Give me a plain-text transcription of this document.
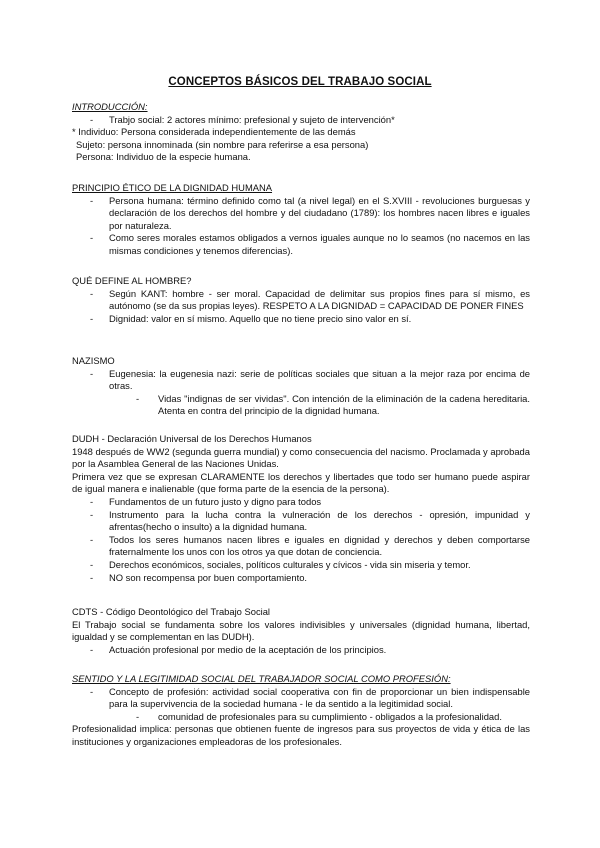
CONCEPTOS BÁSICOS DEL TRABAJO SOCIAL
INTRODUCCIÓN:
- Trabjo social: 2 actores mínimo: prefesional y sujeto de intervención*
* Individuo: Persona considerada independientemente de las demás
Sujeto: persona innominada (sin nombre para referirse a esa persona)
Persona: Individuo de la especie humana.
PRINCIPIO ÉTICO DE LA DIGNIDAD HUMANA
- Persona humana: término definido como tal (a nivel legal) en el S.XVIII - revoluciones burguesas y declaración de los derechos del hombre y del ciudadano (1789): los hombres nacen libres e iguales por naturaleza.
- Como seres morales estamos obligados a vernos iguales aunque no lo seamos (no nacemos en las mismas condiciones y tenemos diferencias).
QUÉ DEFINE AL HOMBRE?
- Según KANT: hombre - ser moral. Capacidad de delimitar sus propios fines para sí mismo, es autónomo (se da sus propias leyes). RESPETO A LA DIGNIDAD = CAPACIDAD DE PONER FINES
- Dignidad: valor en sí mismo. Aquello que no tiene precio sino valor en sí.
NAZISMO
- Eugenesia: la eugenesia nazi: serie de políticas sociales que situan a la mejor raza por encima de otras.
- Vidas "indignas de ser vividas". Con intención de la eliminación de la cadena hereditaria. Atenta en contra del principio de la dignidad humana.
DUDH - Declaración Universal de los Derechos Humanos
1948 después de WW2 (segunda guerra mundial) y como consecuencia del nacismo. Proclamada y aprobada por la Asamblea General de las Naciones Unidas.
Primera vez que se expresan CLARAMENTE los derechos y libertades que todo ser humano puede aspirar de igual manera e inalienable (que forma parte de la esencia de la persona).
- Fundamentos de un futuro justo y digno para todos
- Instrumento para la lucha contra la vulneración de los derechos - opresión, impunidad y afrentas(hecho o insulto) a la dignidad humana.
- Todos los seres humanos nacen libres e iguales en dignidad y derechos y deben comportarse fraternalmente los unos con los otros ya que dotan de conciencia.
- Derechos económicos, sociales, políticos culturales y cívicos - vida sin miseria y temor.
- NO son recompensa por buen comportamiento.
CDTS - Código Deontológico del Trabajo Social
El Trabajo social se fundamenta sobre los valores indivisibles y universales (dignidad humana, libertad, igualdad y se complementan en las DUDH).
- Actuación profesional por medio de la aceptación de los principios.
SENTIDO Y LA LEGITIMIDAD SOCIAL DEL TRABAJADOR SOCIAL COMO PROFESIÓN:
- Concepto de profesión: actividad social cooperativa con fin de proporcionar un bien indispensable para la supervivencia de la sociedad humana - le da sentido a la legitimidad social.
- comunidad de profesionales para su cumplimiento - obligados a la profesionalidad.
Profesionalidad implica: personas que obtienen fuente de ingresos para sus proyectos de vida y ética de las instituciones y organizaciones empleadoras de los profesionales.
